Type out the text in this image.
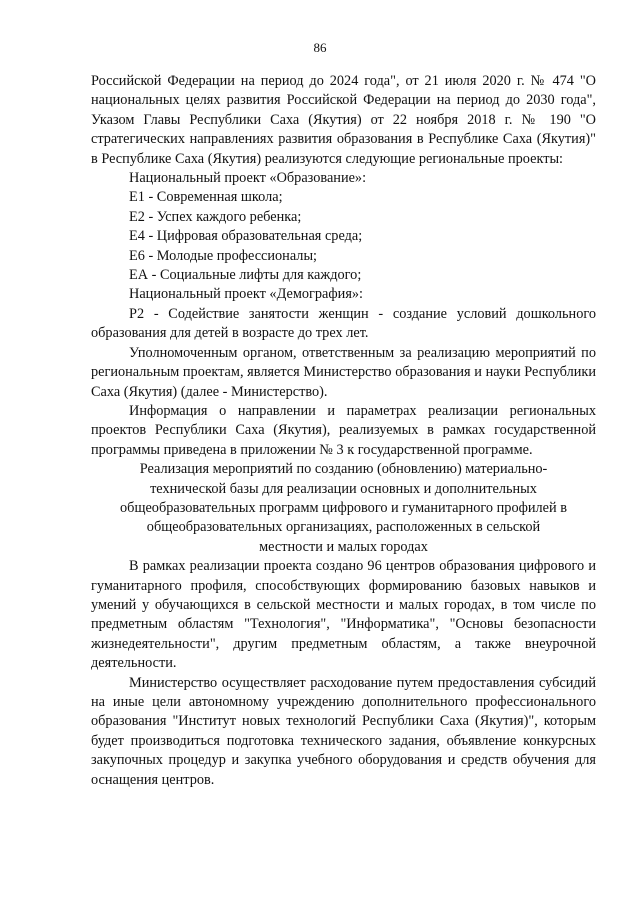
86

Российской Федерации на период до 2024 года", от 21 июля 2020 г. № 474 "О национальных целях развития Российской Федерации на период до 2030 года", Указом Главы Республики Саха (Якутия) от 22 ноября 2018 г. № 190 "О стратегических направлениях развития образования в Республике Саха (Якутия)" в Республике Саха (Якутия) реализуются следующие региональные проекты:

Национальный проект «Образование»:
Е1 - Современная школа;
Е2 - Успех каждого ребенка;
Е4 - Цифровая образовательная среда;
Е6 - Молодые профессионалы;
ЕА - Социальные лифты для каждого;
Национальный проект «Демография»:

Р2 - Содействие занятости женщин - создание условий дошкольного образования для детей в возрасте до трех лет.

Уполномоченным органом, ответственным за реализацию мероприятий по региональным проектам, является Министерство образования и науки Республики Саха (Якутия) (далее - Министерство).

Информация о направлении и параметрах реализации региональных проектов Республики Саха (Якутия), реализуемых в рамках государственной программы приведена в приложении № 3 к государственной программе.

Реализация мероприятий по созданию (обновлению) материально-технической базы для реализации основных и дополнительных общеобразовательных программ цифрового и гуманитарного профилей в общеобразовательных организациях, расположенных в сельской местности и малых городах

В рамках реализации проекта создано 96 центров образования цифрового и гуманитарного профиля, способствующих формированию базовых навыков и умений у обучающихся в сельской местности и малых городах, в том числе по предметным областям "Технология", "Информатика", "Основы безопасности жизнедеятельности", другим предметным областям, а также внеурочной деятельности.

Министерство осуществляет расходование путем предоставления субсидий на иные цели автономному учреждению дополнительного профессионального образования "Институт новых технологий Республики Саха (Якутия)", которым будет производиться подготовка технического задания, объявление конкурсных закупочных процедур и закупка учебного оборудования и средств обучения для оснащения центров.
